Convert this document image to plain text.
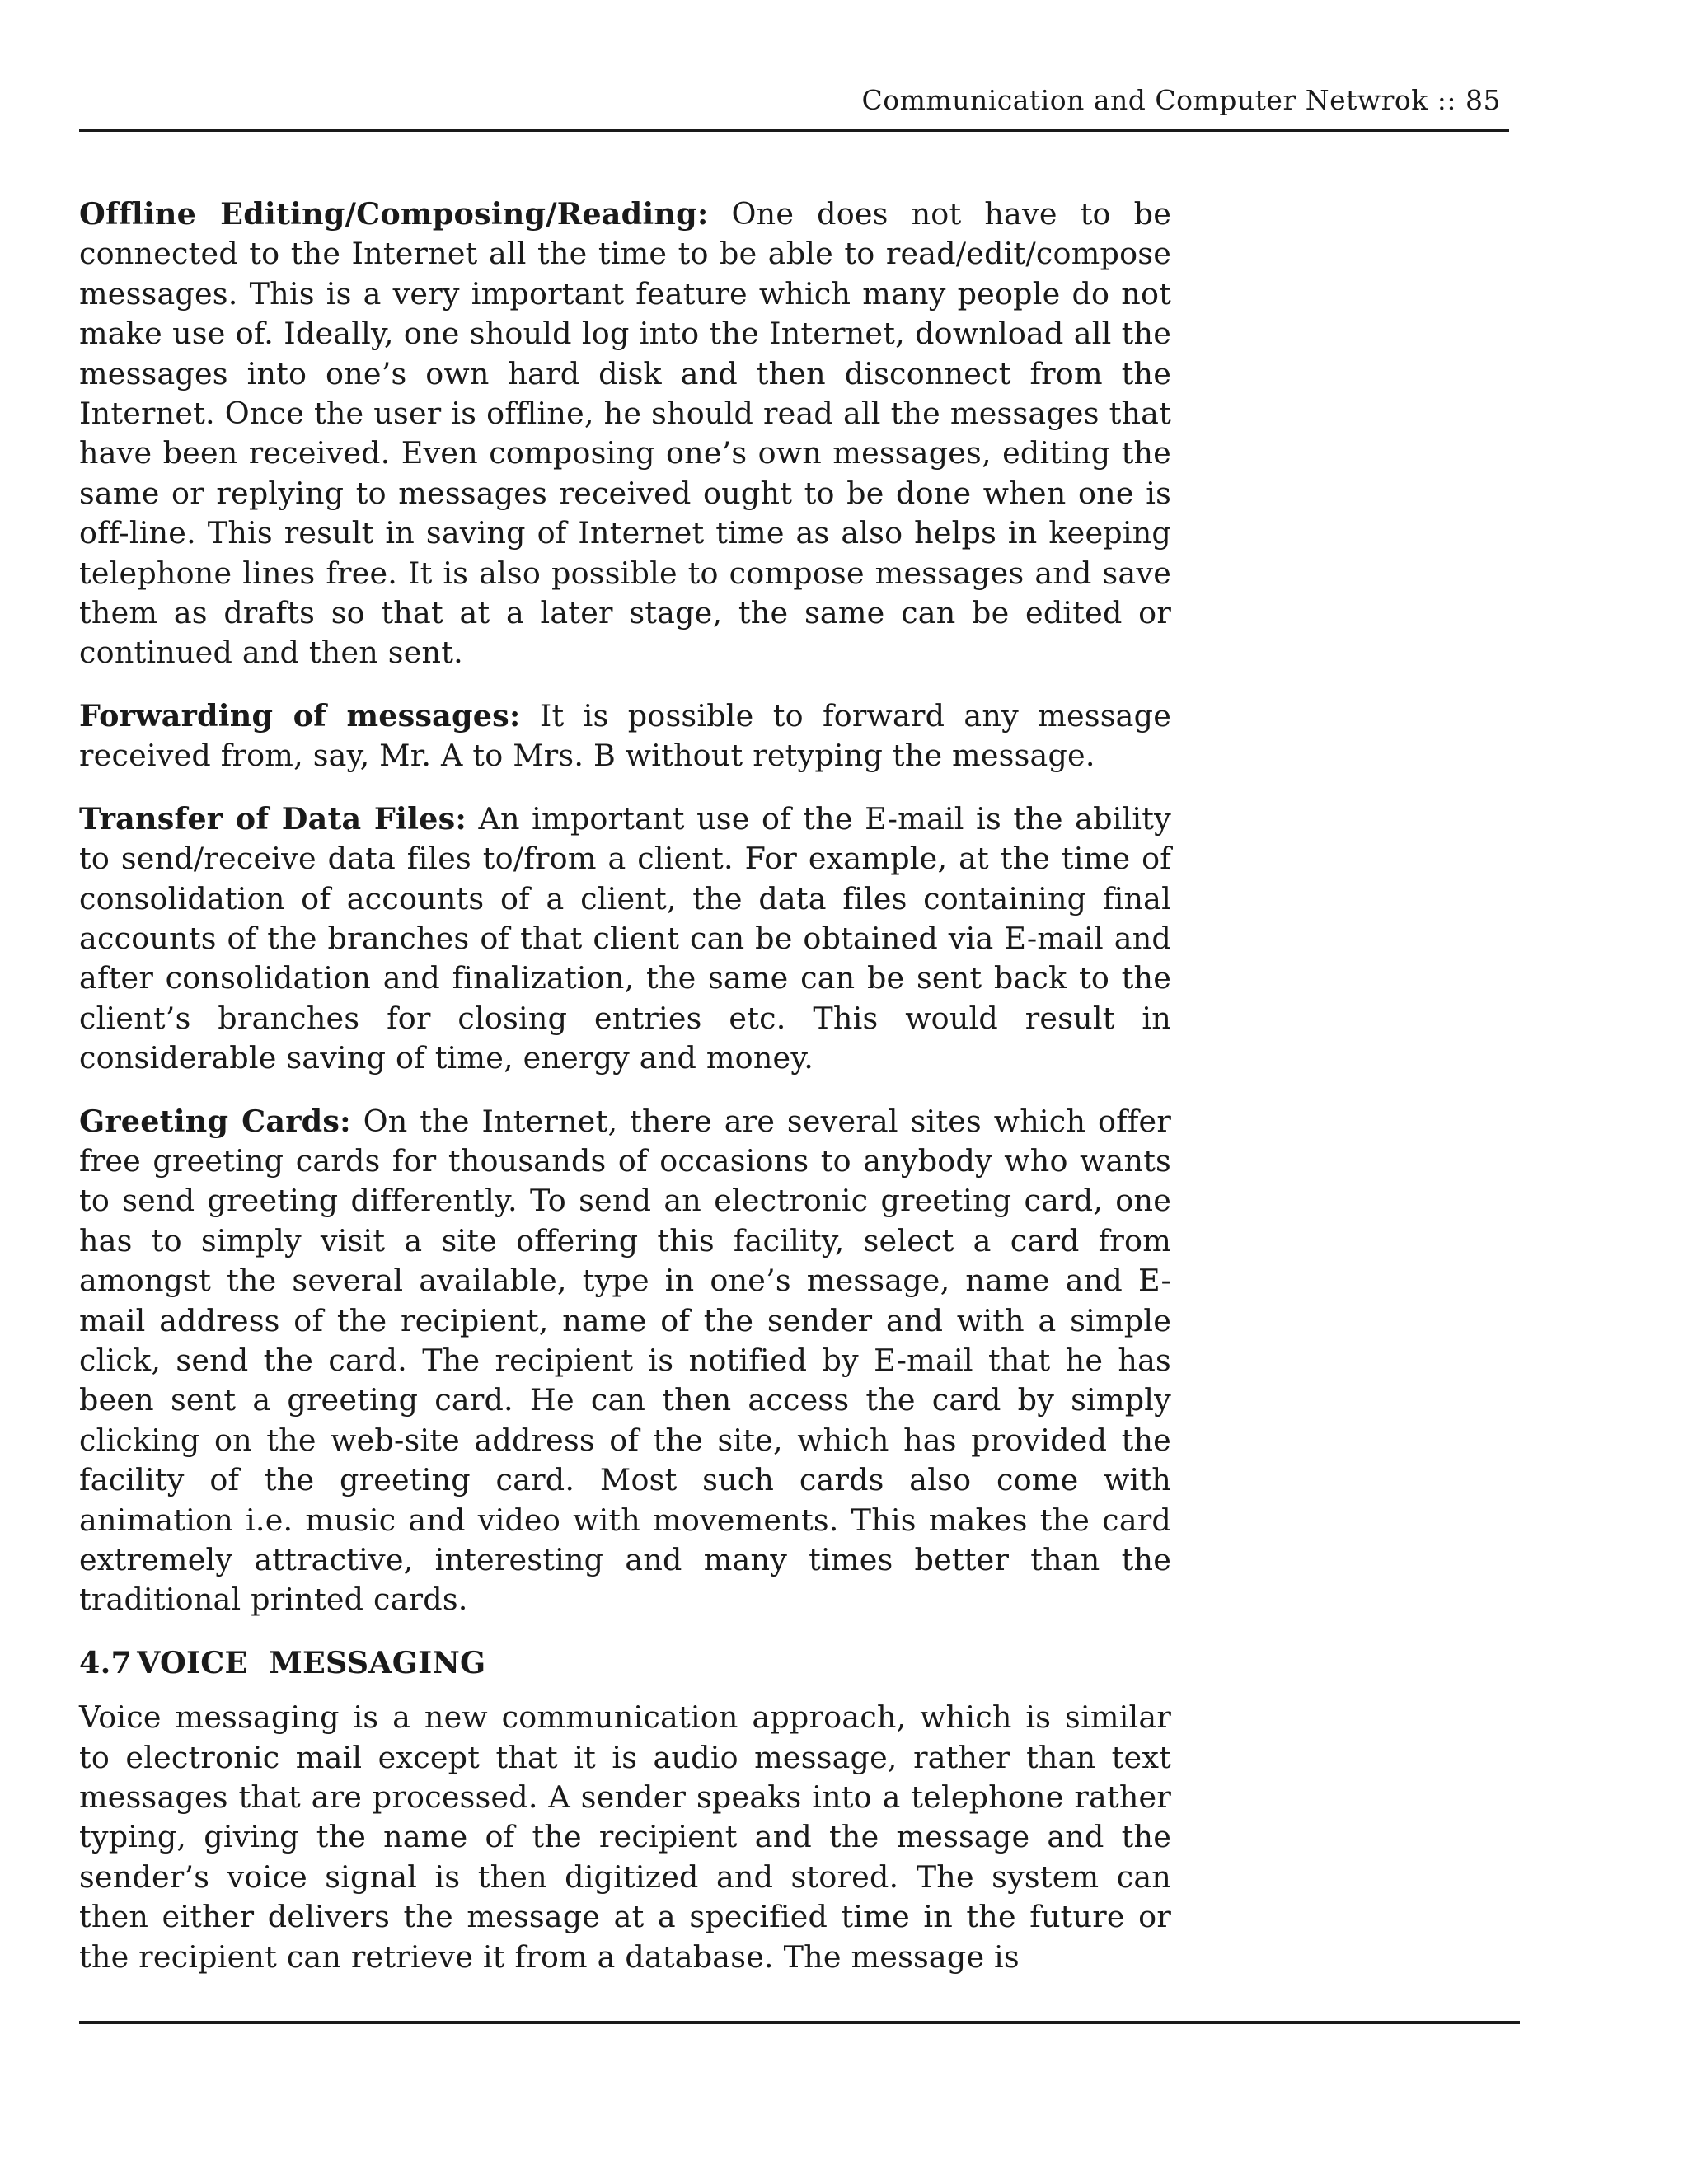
Communication and Computer Netwrok :: 85

Offline Editing/Composing/Reading: One does not have to be connected to the Internet all the time to be able to read/edit/compose messages. This is a very important feature which many people do not make use of. Ideally, one should log into the Internet, download all the messages into one’s own hard disk and then disconnect from the Internet. Once the user is offline, he should read all the messages that have been received. Even composing one’s own messages, editing the same or replying to messages received ought to be done when one is off-line. This result in saving of Internet time as also helps in keeping telephone lines free. It is also possible to compose messages and save them as drafts so that at a later stage, the same can be edited or continued and then sent.

Forwarding of messages: It is possible to forward any message received from, say, Mr. A to Mrs. B without retyping the message.

Transfer of Data Files: An important use of the E-mail is the ability to send/receive data files to/from a client. For example, at the time of consolidation of accounts of a client, the data files containing final accounts of the branches of that client can be obtained via E-mail and after consolidation and finalization, the same can be sent back to the client’s branches for closing entries etc. This would result in considerable saving of time, energy and money.

Greeting Cards: On the Internet, there are several sites which offer free greeting cards for thousands of occasions to anybody who wants to send greeting differently. To send an electronic greeting card, one has to simply visit a site offering this facility, select a card from amongst the several available, type in one’s message, name and E-mail address of the recipient, name of the sender and with a simple click, send the card. The recipient is notified by E-mail that he has been sent a greeting card. He can then access the card by simply clicking on the web-site address of the site, which has provided the facility of the greeting card. Most such cards also come with animation i.e. music and video with movements. This makes the card extremely attractive, interesting and many times better than the traditional printed cards.

4.7 VOICE  MESSAGING

Voice messaging is a new communication approach, which is similar to electronic mail except that it is audio message, rather than text messages that are processed. A sender speaks into a telephone rather typing, giving the name of the recipient and the message and the sender’s voice signal is then digitized and stored. The system can then either delivers the message at a specified time in the future or the recipient can retrieve it from a database. The message is
